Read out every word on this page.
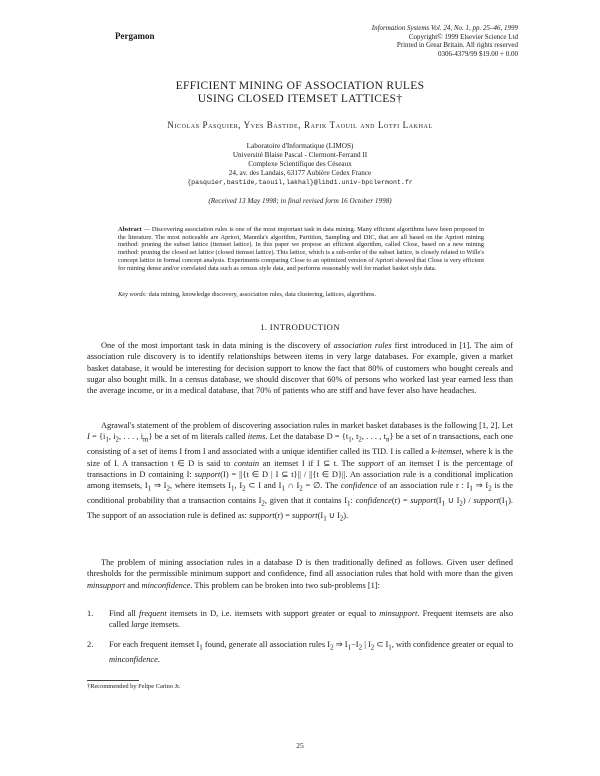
Pergamon
Information Systems Vol. 24, No. 1, pp. 25–46, 1999
Copyright© 1999 Elsevier Science Ltd
Printed in Great Britain. All rights reserved
0306-4379/99 $19.00 + 0.00
EFFICIENT MINING OF ASSOCIATION RULES
USING CLOSED ITEMSET LATTICES†
Nicolas Pasquier, Yves Bastide, Rafik Taouil and Lotfi Lakhal
Laboratoire d'Informatique (LIMOS)
Université Blaise Pascal - Clermont-Ferrand II
Complexe Scientifique des Céseaux
24, av. des Landais, 63177 Aubière Cedex France
{pasquier,bastide,taouil,lakhal}@libd1.univ-bpclermont.fr
(Received 13 May 1998; in final revised form 16 October 1998)
Abstract — Discovering association rules is one of the most important task in data mining. Many efficient algorithms have been proposed in the literature. The most noticeable are Apriori, Mannila's algorithm, Partition, Sampling and DIC, that are all based on the Apriori mining method: pruning the subset lattice (itemset lattice). In this paper we propose an efficient algorithm, called Close, based on a new mining method: pruning the closed set lattice (closed itemset lattice). This lattice, which is a sub-order of the subset lattice, is closely related to Wille's concept lattice in formal concept analysis. Experiments comparing Close to an optimized version of Apriori showed that Close is very efficient for mining dense and/or correlated data such as census style data, and performs reasonably well for market basket style data.
Key words: data mining, knowledge discovery, association rules, data clustering, lattices, algorithms.
1. INTRODUCTION

One of the most important task in data mining is the discovery of association rules first introduced in [1]. The aim of association rule discovery is to identify relationships between items in very large databases. For example, given a market basket database, it would be interesting for decision support to know the fact that 80% of customers who bought cereals and sugar also bought milk. In a census database, we should discover that 60% of persons who worked last year earned less than the average income, or in a medical database, that 70% of patients who are stiff and have fever also have headaches.

Agrawal's statement of the problem of discovering association rules in market basket databases is the following [1, 2]. Let $I = \{i_1$, $i_2$, . . . , $i_m$} be a set of m literals called items. Let the database $D = \{t_1$, $t_2$, . . . , $t_n$} be a set of n transactions, each one consisting of a set of items I from I and associated with a unique identifier called its TID. I is called a k-itemset, where k is the size of I. A transaction t ∈ D is said to contain an itemset I if I ⊆ t. The support of an itemset I is the percentage of transactions in D containing I: support(I) = ||{t ∈ D | I ⊆ t}|| / ||{t ∈ D}||. An association rule is a conditional implication among itemsets, $I_1$ ⇒ $I_2$, where itemsets $I_1$, $I_2$ ⊂ I and $I_1$ ∩ $I_2$ = ∅. The confidence of an association rule r : $I_1$ ⇒ $I_2$ is the conditional probability that a transaction contains $I_2$, given that it contains $I_1$: confidence(r) = $support(I_1$ ∪ $I_2$) / $support(I_1)$. The support of an association rule is defined as: support(r) = $support(I_1$ ∪ $I_2$).

The problem of mining association rules in a database D is then traditionally defined as follows. Given user defined thresholds for the permissible minimum support and confidence, find all association rules that hold with more than the given minsupport and minconfidence. This problem can be broken into two sub-problems [1]:

1. Find all frequent itemsets in D, i.e. itemsets with support greater or equal to minsupport. Frequent itemsets are also called large itemsets.
2. For each frequent itemset $I_1$ found, generate all association rules $I_2$ ⇒ $I_1-I_2$ | $I_2$ ⊂ $I_1$, with confidence greater or equal to minconfidence.
†Recommended by Felipe Carino Jr.
25
